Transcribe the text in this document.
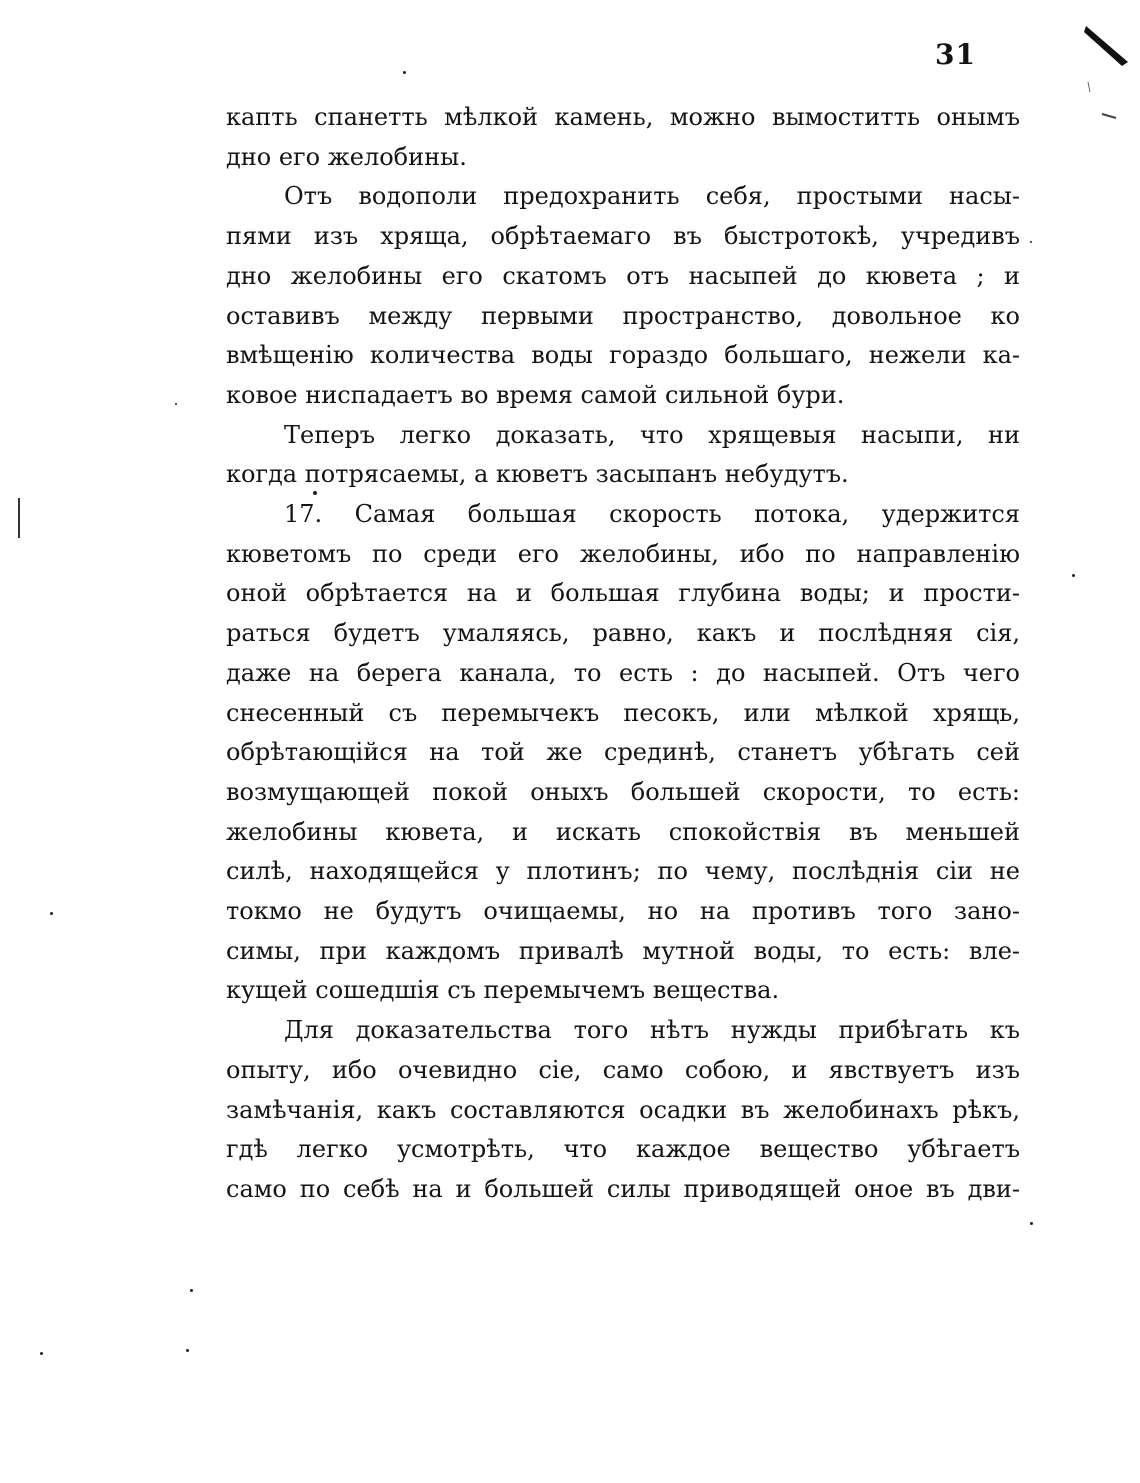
31
капть спанетть мѣлкой камень, можно вымоститть онымъ
дно его желобины.
Отъ водополи предохранить себя, простыми насы-
пями изъ хряща, обрѣтаемаго въ быстротокѣ, учредивъ
дно желобины его скатомъ отъ насыпей до кювета ; и
оставивъ между первыми пространство, довольное ко
вмѣщенію количества воды гораздо большаго, нежели ка-
ковое ниспадаетъ во время самой сильной бури.
Теперъ легко доказать, что хрящевыя насыпи, ни
когда потрясаемы, а кюветъ засыпанъ небудутъ.
17. Самая большая скорость потока, удержится
кюветомъ по среди его желобины, ибо по направленію
оной обрѣтается на и большая глубина воды; и прости-
раться будетъ умаляясь, равно, какъ и послѣдняя сія,
даже на берега канала, то есть : до насыпей. Отъ чего
снесенный съ перемычекъ песокъ, или мѣлкой хрящь,
обрѣтающійся на той же срединѣ, станетъ убѣгать сей
возмущающей покой оныхъ большей скорости, то есть:
желобины кювета, и искать спокойствія въ меньшей
силѣ, находящейся у плотинъ; по чему, послѣднія сіи не
токмо не будутъ очищаемы, но на противъ того зано-
симы, при каждомъ привалѣ мутной воды, то есть: вле-
кущей сошедшія съ перемычемъ вещества.
Для доказательства того нѣтъ нужды прибѣгать къ
опыту, ибо очевидно сіе, само собою, и явствуетъ изъ
замѣчанія, какъ составляются осадки въ желобинахъ рѣкъ,
гдѣ легко усмотрѣть, что каждое вещество убѣгаетъ
само по себѣ на и большей силы приводящей оное въ дви-
